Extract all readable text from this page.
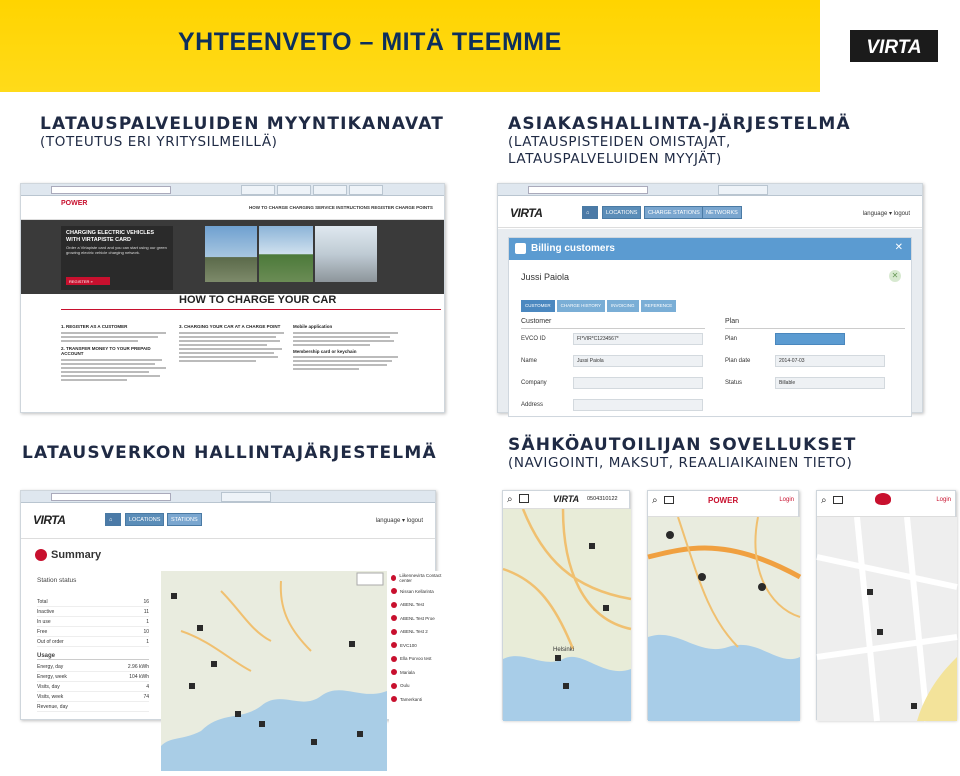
YHTEENVETO – MITÄ TEEMME	VIRTA
LATAUSPALVELUIDEN MYYNTIKANAVAT
(TOTEUTUS ERI YRITYSILMEILLÄ)
ASIAKASHALLINTA-JÄRJESTELMÄ
(LATAUSPISTEIDEN OMISTAJAT,
LATAUSPALVELUIDEN MYYJÄT)
LATAUSVERKON HALLINTAJÄRJESTELMÄ	SÄHKÖAUTOILIJAN SOVELLUKSET
(NAVIGOINTI, MAKSUT, REAALIAIKAINEN TIETO)
POWER
HOW TO CHARGE CHARGING SERVICE INSTRUCTIONS REGISTER CHARGE POINTS
CHARGING ELECTRIC VEHICLES WITH VIRTAPISTE CARD
Order a Virtapiste card and you can start using our green growing electric vehicle charging network.
REGISTER »
HOW TO CHARGE YOUR CAR
1. REGISTER AS A CUSTOMER
2. TRANSFER MONEY TO YOUR PREPAID ACCOUNT
3. CHARGING YOUR CAR AT A CHARGE POINT	Mobile application
Membership card or keychain
VIRTA	⌂	LOCATIONS	CHARGE STATIONS	NETWORKS	language ▾ logout
Billing customers	✕
Jussi Paiola	✕
CUSTOMER CHARGE HISTORY INVOICING REFERENCE
Customer
EVCO ID	FI*VIR*C1234567*
Name	Jussi Paiola
Company
Address
Plan
Plan
Plan date	2014-07-03
Status	Billable
VIRTA	⌂	LOCATIONS	STATIONS	language ▾ logout
Summary
Station status
Total	16
Inactive	11
In use	1
Free	10
Out of order	1
Usage
Energy, day	2.96 kWh
Energy, week	104 kWh
Visits, day	4
Visits, week	74
Revenue, day
Liikennevirta Contact center
Nissan Kellarinta
ABENL Test
ABENL Test Proe
ABENL Test 2
EVC100
Ella Porvoo test
Mariala
Oulu
Tamerkanti
⌕	VIRTA 0504310122
Helsinki
⌕	POWER	Login	⌕	Login
